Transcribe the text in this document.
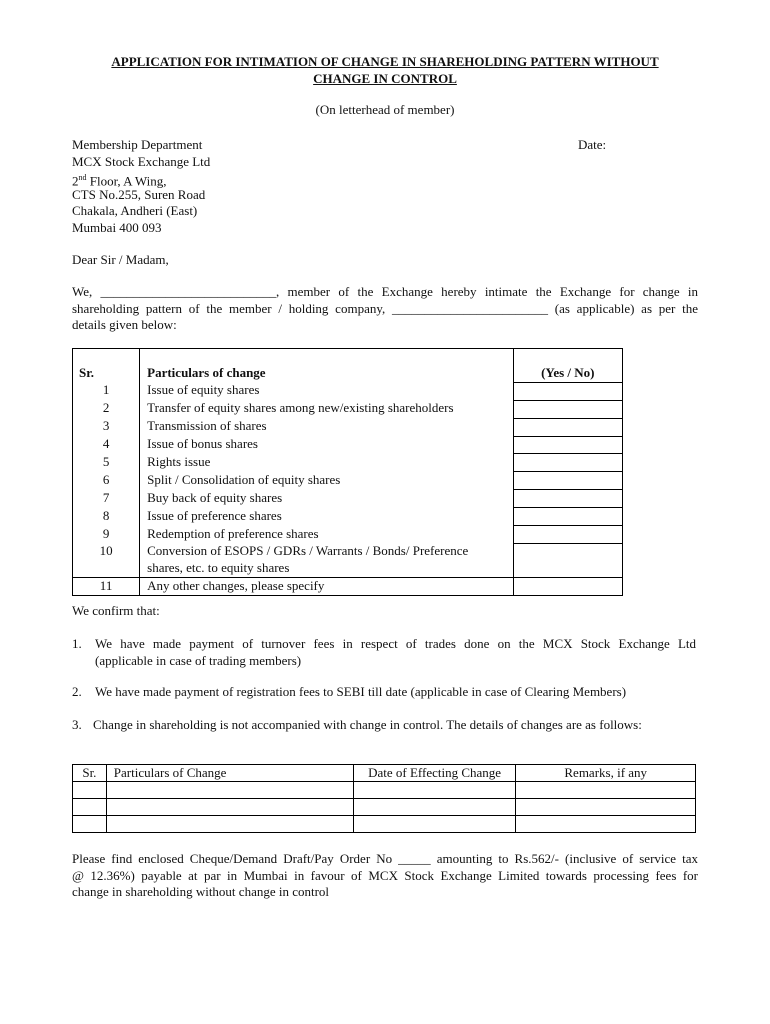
APPLICATION FOR INTIMATION OF CHANGE IN SHAREHOLDING PATTERN WITHOUT
CHANGE IN CONTROL
(On letterhead of member)
Membership Department
MCX Stock Exchange Ltd
2nd Floor, A Wing,
CTS No.255, Suren Road
Chakala, Andheri (East)
Mumbai 400 093
Date:
Dear Sir / Madam,
We, ___________________________, member of the Exchange hereby intimate the Exchange for change in
shareholding pattern of the member / holding company, ________________________ (as applicable) as per the
details given below:

Sr.	Particulars of change	(Yes / No)
1	Issue of equity shares	
2	Transfer of equity shares among new/existing shareholders	
3	Transmission of shares	
4	Issue of bonus shares	
5	Rights issue	
6	Split / Consolidation of equity shares	
7	Buy back of equity shares	
8	Issue of preference shares	
9	Redemption of preference shares	
10	Conversion of ESOPS / GDRs / Warrants / Bonds/ Preference
shares, etc. to equity shares	

11	Any other changes, please specify	
We confirm that:
1. We have made payment of turnover fees in respect of trades done on the MCX Stock Exchange Ltd
(applicable in case of trading members)
2. We have made payment of registration fees to SEBI till date (applicable in case of Clearing Members)
3. Change in shareholding is not accompanied with change in control. The details of changes are as follows:
Sr.	Particulars of Change	Date of Effecting Change	Remarks, if any

Please find enclosed Cheque/Demand Draft/Pay Order No _____ amounting to Rs.562/- (inclusive of service tax
@ 12.36%) payable at par in Mumbai in favour of MCX Stock Exchange Limited towards processing fees for
change in shareholding without change in control
